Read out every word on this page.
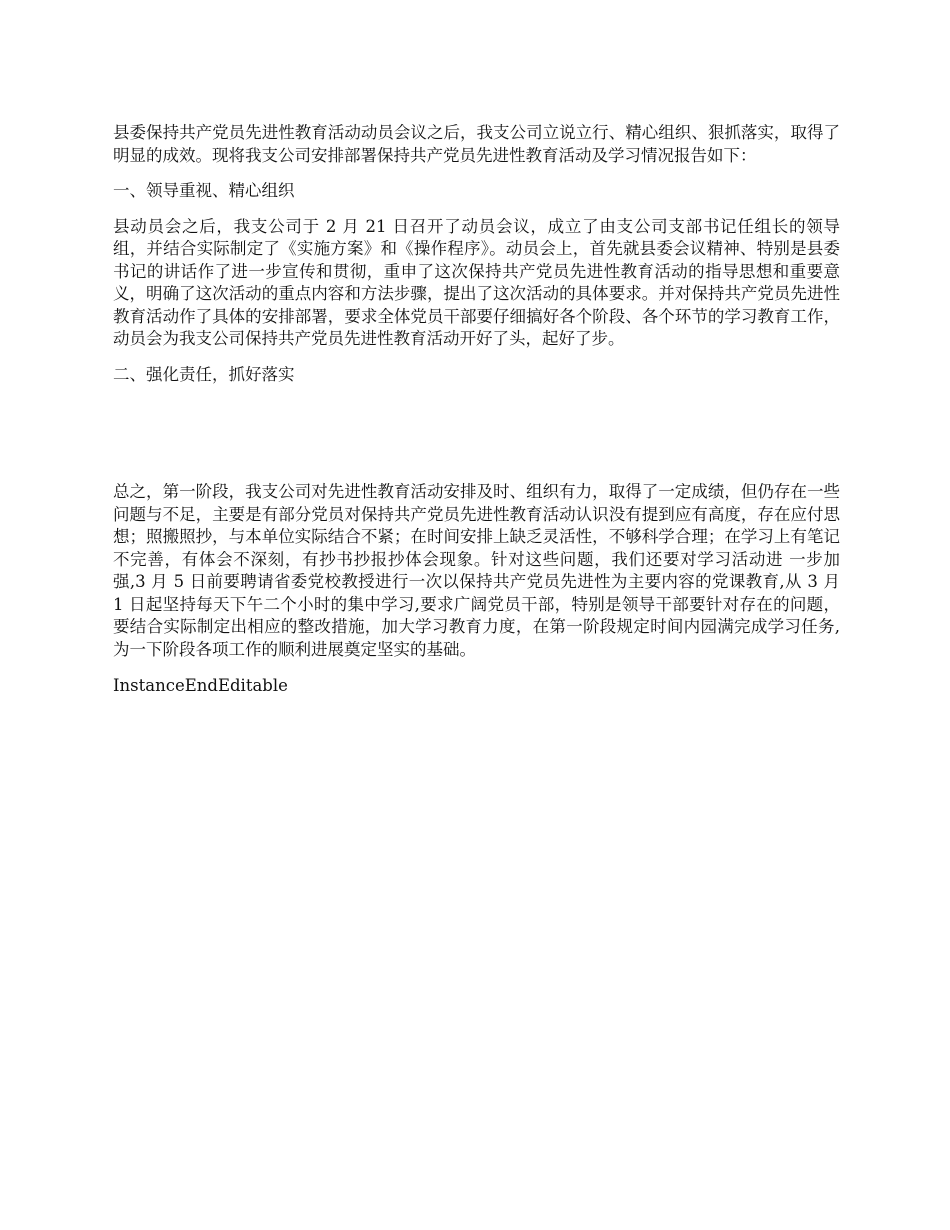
县委保持共产党员先进性教育活动动员会议之后，我支公司立说立行、精心组织、狠抓落实，取得了明显的成效。现将我支公司安排部署保持共产党员先进性教育活动及学习情况报告如下：

一、领导重视、精心组织

县动员会之后，我支公司于 2 月 21 日召开了动员会议，成立了由支公司支部书记任组长的领导组，并结合实际制定了《实施方案》和《操作程序》。动员会上，首先就县委会议精神、特别是县委书记的讲话作了进一步宣传和贯彻，重申了这次保持共产党员先进性教育活动的指导思想和重要意义，明确了这次活动的重点内容和方法步骤，提出了这次活动的具体要求。并对保持共产党员先进性教育活动作了具体的安排部署，要求全体党员干部要仔细搞好各个阶段、各个环节的学习教育工作，动员会为我支公司保持共产党员先进性教育活动开好了头，起好了步。

二、强化责任，抓好落实

总之，第一阶段，我支公司对先进性教育活动安排及时、组织有力，取得了一定成绩，但仍存在一些问题与不足，主要是有部分党员对保持共产党员先进性教育活动认识没有提到应有高度，存在应付思想；照搬照抄，与本单位实际结合不紧；在时间安排上缺乏灵活性，不够科学合理；在学习上有笔记不完善，有体会不深刻，有抄书抄报抄体会现象。针对这些问题，我们还要对学习活动进 一步加强,3 月 5 日前要聘请省委党校教授进行一次以保持共产党员先进性为主要内容的党课教育,从 3 月 1 日起坚持每天下午二个小时的集中学习,要求广阔党员干部，特别是领导干部要针对存在的问题，要结合实际制定出相应的整改措施，加大学习教育力度，在第一阶段规定时间内园满完成学习任务,为一下阶段各项工作的顺利进展奠定坚实的基础。

InstanceEndEditable
